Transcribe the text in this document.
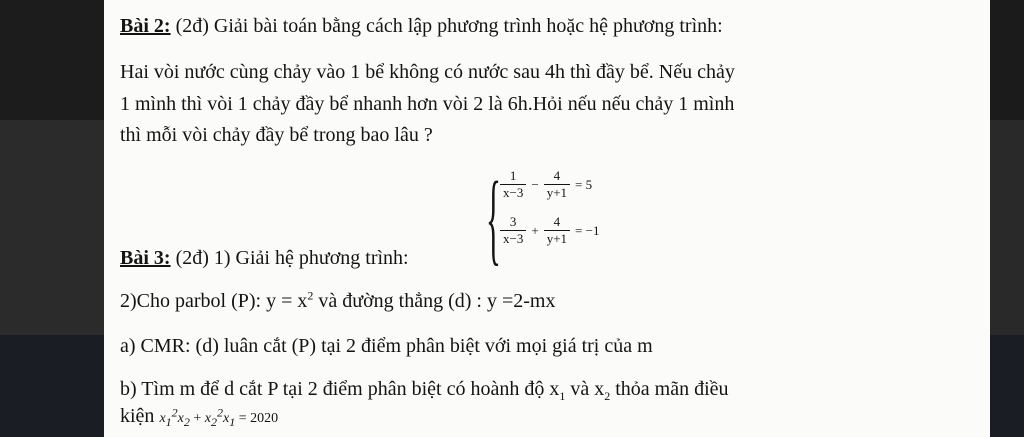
Bài 2: (2đ) Giải bài toán bằng cách lập phương trình hoặc hệ phương trình:
Hai vòi nước cùng chảy vào 1 bể không có nước sau 4h thì đầy bể. Nếu chảy
1 mình thì vòi 1 chảy đầy bể nhanh hơn vòi 2 là 6h.Hỏi nếu nếu chảy 1 mình
thì mỗi vòi chảy đầy bể trong bao lâu ?
Bài 3: (2đ) 1) Giải hệ phương trình: { $\frac{1}{x-3} - \frac{4}{y+1} = 5$
$\frac{3}{x-3} + \frac{4}{y+1} = -1$
2)Cho parbol (P): $y = x^2$ và đường thẳng (d) : y =2-mx
a) CMR: (d) luân cắt (P) tại 2 điểm phân biệt với mọi giá trị của m
b) Tìm m để d cắt P tại 2 điểm phân biệt có hoành độ $x_1$ và $x_2$ thỏa mãn điều
kiện $x_1^2x_2 + x_2^2x_1 = 2020$
